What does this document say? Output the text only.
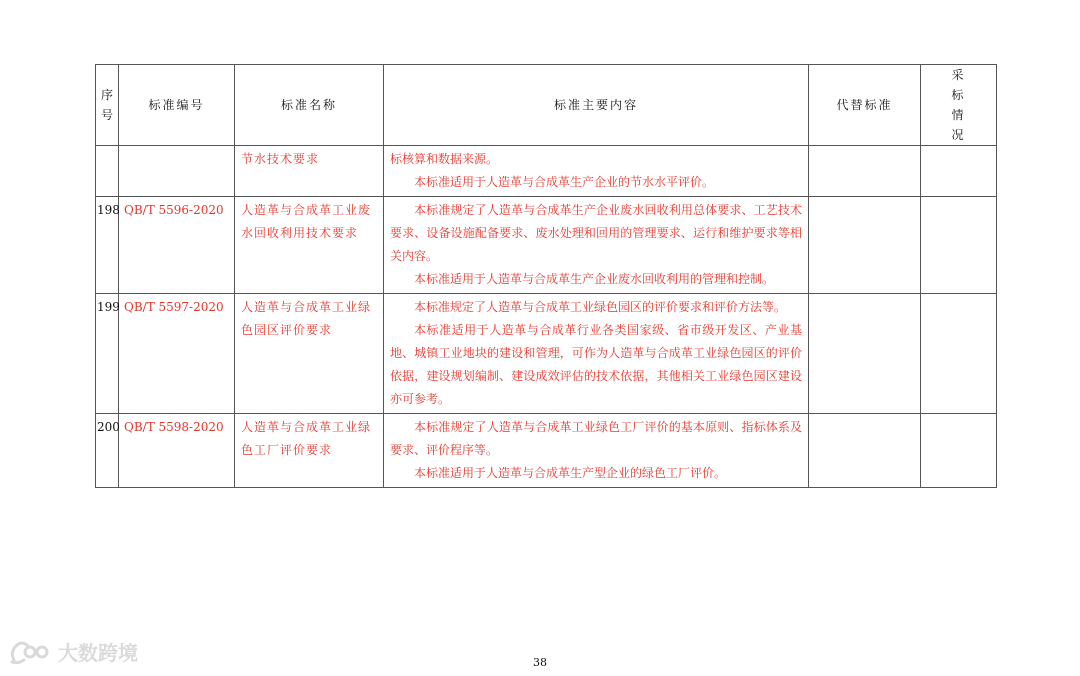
序号	标准编号	标准名称	标准主要内容	代替标准	采标情况
		节水技术要求	标核算和数据来源。

本标准适用于人造革与合成革生产企业的节水水平评价。		

198	QB/T 5596-2020	人造革与合成革工业废水回收利用技术要求	本标准规定了人造革与合成革生产企业废水回收利用总体要求、工艺技术要求、设备设施配备要求、废水处理和回用的管理要求、运行和维护要求等相关内容。

本标准适用于人造革与合成革生产企业废水回收利用的管理和控制。		

199	QB/T 5597-2020	人造革与合成革工业绿色园区评价要求	本标准规定了人造革与合成革工业绿色园区的评价要求和评价方法等。

本标准适用于人造革与合成革行业各类国家级、省市级开发区、产业基地、城镇工业地块的建设和管理，可作为人造革与合成革工业绿色园区的评价依据，建设规划编制、建设成效评估的技术依据，其他相关工业绿色园区建设亦可参考。		

200	QB/T 5598-2020	人造革与合成革工业绿色工厂评价要求	本标准规定了人造革与合成革工业绿色工厂评价的基本原则、指标体系及要求、评价程序等。

本标准适用于人造革与合成革生产型企业的绿色工厂评价。		

38
大数跨境
